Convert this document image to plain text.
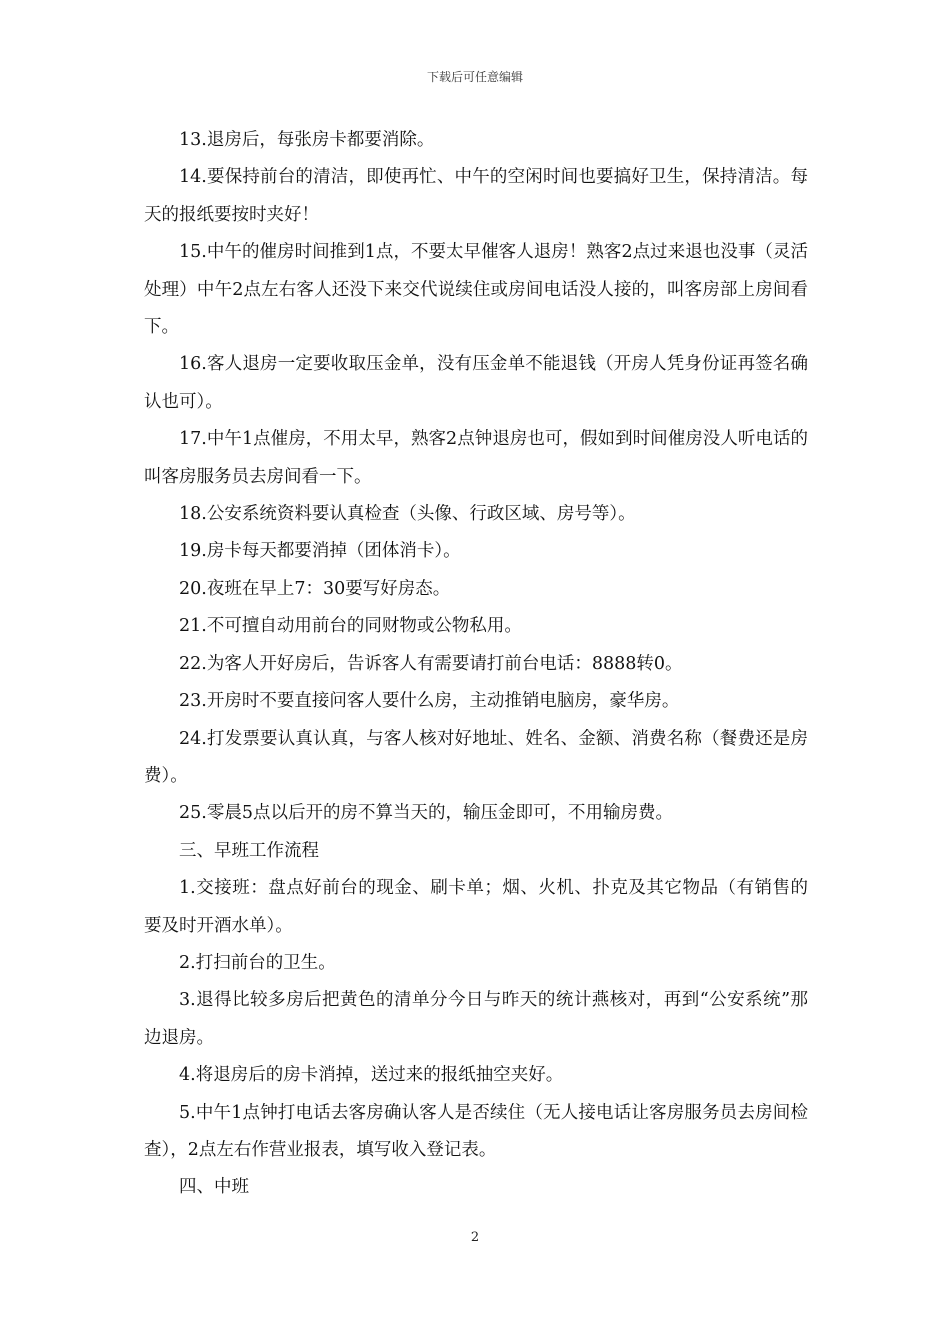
下载后可任意编辑

13.退房后，每张房卡都要消除。

14.要保持前台的清洁，即使再忙、中午的空闲时间也要搞好卫生，保持清洁。每天的报纸要按时夹好！

15.中午的催房时间推到1点，不要太早催客人退房！熟客2点过来退也没事（灵活处理）中午2点左右客人还没下来交代说续住或房间电话没人接的，叫客房部上房间看下。

16.客人退房一定要收取压金单，没有压金单不能退钱（开房人凭身份证再签名确认也可）。

17.中午1点催房，不用太早，熟客2点钟退房也可，假如到时间催房没人听电话的叫客房服务员去房间看一下。

18.公安系统资料要认真检查（头像、行政区域、房号等）。

19.房卡每天都要消掉（团体消卡）。

20.夜班在早上7：30要写好房态。

21.不可擅自动用前台的同财物或公物私用。

22.为客人开好房后，告诉客人有需要请打前台电话：8888转0。

23.开房时不要直接问客人要什么房，主动推销电脑房，豪华房。

24.打发票要认真认真，与客人核对好地址、姓名、金额、消费名称（餐费还是房费）。

25.零晨5点以后开的房不算当天的，输压金即可，不用输房费。

三、早班工作流程

1.交接班：盘点好前台的现金、刷卡单；烟、火机、扑克及其它物品（有销售的要及时开酒水单）。

2.打扫前台的卫生。

3.退得比较多房后把黄色的清单分今日与昨天的统计燕核对，再到“公安系统”那边退房。

4.将退房后的房卡消掉，送过来的报纸抽空夹好。

5.中午1点钟打电话去客房确认客人是否续住（无人接电话让客房服务员去房间检查），2点左右作营业报表，填写收入登记表。

四、中班

2
